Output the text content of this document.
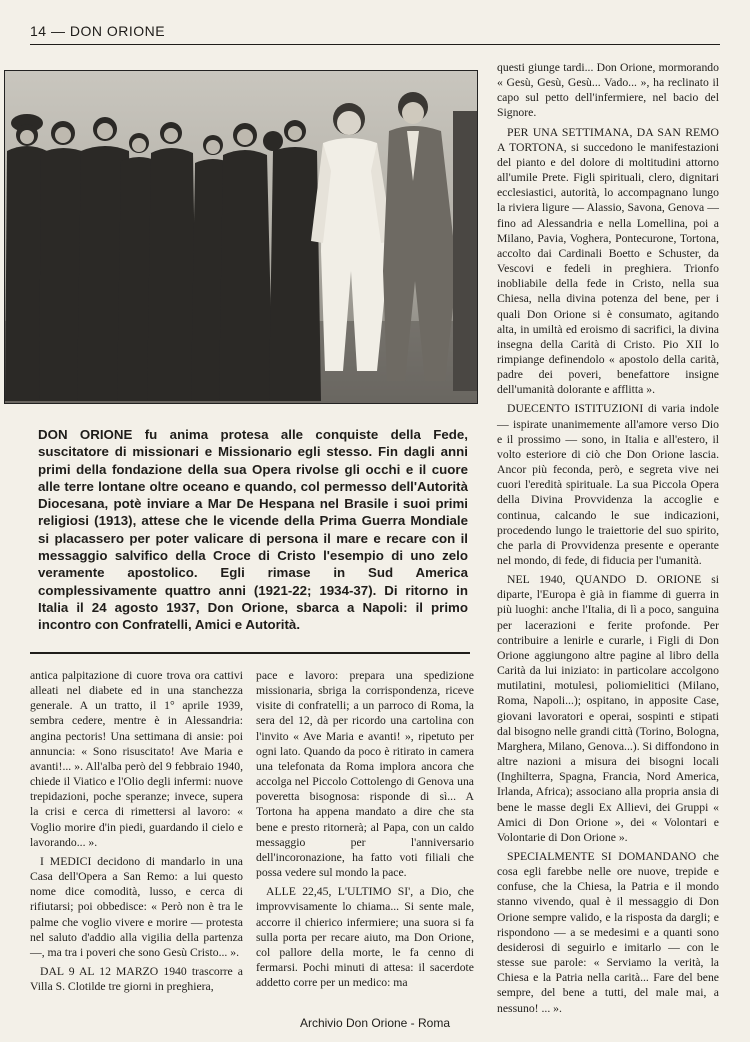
14 — DON ORIONE

DON ORIONE fu anima protesa alle conquiste della Fede, suscitatore di missionari e Missionario egli stesso. Fin dagli anni primi della fondazione della sua Opera rivolse gli occhi e il cuore alle terre lontane oltre oceano e quando, col permesso dell'Autorità Diocesana, potè inviare a Mar De Hespana nel Brasile i suoi primi religiosi (1913), attese che le vicende della Prima Guerra Mondiale si placassero per poter valicare di persona il mare e recare con il messaggio salvifico della Croce di Cristo l'esempio di uno zelo veramente apostolico. Egli rimase in Sud America complessivamente quattro anni (1921-22; 1934-37). Di ritorno in Italia il 24 agosto 1937, Don Orione, sbarca a Napoli: il primo incontro con Confratelli, Amici e Autorità.

antica palpitazione di cuore trova ora cattivi alleati nel diabete ed in una stanchezza generale. A un tratto, il 1° aprile 1939, sembra cedere, mentre è in Alessandria: angina pectoris! Una settimana di ansie: poi annuncia: « Sono risuscitato! Ave Maria e avanti!... ». All'alba però del 9 febbraio 1940, chiede il Viatico e l'Olio degli infermi: nuove trepidazioni, poche speranze; invece, supera la crisi e cerca di rimettersi al lavoro: « Voglio morire d'in piedi, guardando il cielo e lavorando... ».

I MEDICI decidono di mandarlo in una Casa dell'Opera a San Remo: a lui questo nome dice comodità, lusso, e cerca di rifiutarsi; poi obbedisce: « Però non è tra le palme che voglio vivere e morire — protesta nel saluto d'addio alla vigilia della partenza —, ma tra i poveri che sono Gesù Cristo... ».

DAL 9 AL 12 MARZO 1940 trascorre a Villa S. Clotilde tre giorni in preghiera,

pace e lavoro: prepara una spedizione missionaria, sbriga la corrispondenza, riceve visite di confratelli; a un parroco di Roma, la sera del 12, dà per ricordo una cartolina con l'invito « Ave Maria e avanti! », ripetuto per ogni lato. Quando da poco è ritirato in camera una telefonata da Roma implora ancora che accolga nel Piccolo Cottolengo di Genova una poveretta bisognosa: risponde di sì... A Tortona ha appena mandato a dire che sta bene e presto ritornerà; al Papa, con un caldo messaggio per l'anniversario dell'incoronazione, ha fatto voti filiali che possa vedere sul mondo la pace.

ALLE 22,45, L'ULTIMO SI', a Dio, che improvvisamente lo chiama... Si sente male, accorre il chierico infermiere; una suora si fa sulla porta per recare aiuto, ma Don Orione, col pallore della morte, le fa cenno di fermarsi. Pochi minuti di attesa: il sacerdote addetto corre per un medico: ma

questi giunge tardi... Don Orione, mormorando « Gesù, Gesù, Gesù... Vado... », ha reclinato il capo sul petto dell'infermiere, nel bacio del Signore.

PER UNA SETTIMANA, DA SAN REMO A TORTONA, si succedono le manifestazioni del pianto e del dolore di moltitudini attorno all'umile Prete. Figli spirituali, clero, dignitari ecclesiastici, autorità, lo accompagnano lungo la riviera ligure — Alassio, Savona, Genova — fino ad Alessandria e nella Lomellina, poi a Milano, Pavia, Voghera, Pontecurone, Tortona, accolto dai Cardinali Boetto e Schuster, da Vescovi e fedeli in preghiera. Trionfo inobliabile della fede in Cristo, nella sua Chiesa, nella divina potenza del bene, per i quali Don Orione si è consumato, agitando alta, in umiltà ed eroismo di sacrifici, la divina insegna della Carità di Cristo. Pio XII lo rimpiange definendolo « apostolo della carità, padre dei poveri, benefattore insigne dell'umanità dolorante e afflitta ».

DUECENTO ISTITUZIONI di varia indole — ispirate unanimemente all'amore verso Dio e il prossimo — sono, in Italia e all'estero, il volto esteriore di ciò che Don Orione lascia. Ancor più feconda, però, e segreta vive nei cuori l'eredità spirituale. La sua Piccola Opera della Divina Provvidenza la accoglie e continua, calcando le sue indicazioni, procedendo lungo le traiettorie del suo spirito, che parla di Provvidenza presente e operante nel mondo, di fede, di fiducia per l'umanità.

NEL 1940, QUANDO D. ORIONE si diparte, l'Europa è già in fiamme di guerra in più luoghi: anche l'Italia, di lì a poco, sanguina per lacerazioni e ferite profonde. Per contribuire a lenirle e curarle, i Figli di Don Orione aggiungono altre pagine al libro della Carità da lui iniziato: in particolare accolgono mutilatini, motulesi, poliomielitici (Milano, Roma, Napoli...); ospitano, in apposite Case, giovani lavoratori e operai, sospinti e stipati dal bisogno nelle grandi città (Torino, Bologna, Marghera, Milano, Genova...). Si diffondono in altre nazioni a misura dei bisogni locali (Inghilterra, Spagna, Francia, Nord America, Irlanda, Africa); associano alla propria ansia di bene le masse degli Ex Allievi, dei Gruppi « Amici di Don Orione », dei « Volontari e Volontarie di Don Orione ».

SPECIALMENTE SI DOMANDANO che cosa egli farebbe nelle ore nuove, trepide e confuse, che la Chiesa, la Patria e il mondo stanno vivendo, qual è il messaggio di Don Orione sempre valido, e la risposta da dargli; e rispondono — a se medesimi e a quanti sono desiderosi di seguirlo e imitarlo — con le stesse sue parole: « Serviamo la verità, la Chiesa e la Patria nella carità... Fare del bene sempre, del bene a tutti, del male mai, a nessuno! ... ».

Archivio Don Orione - Roma
